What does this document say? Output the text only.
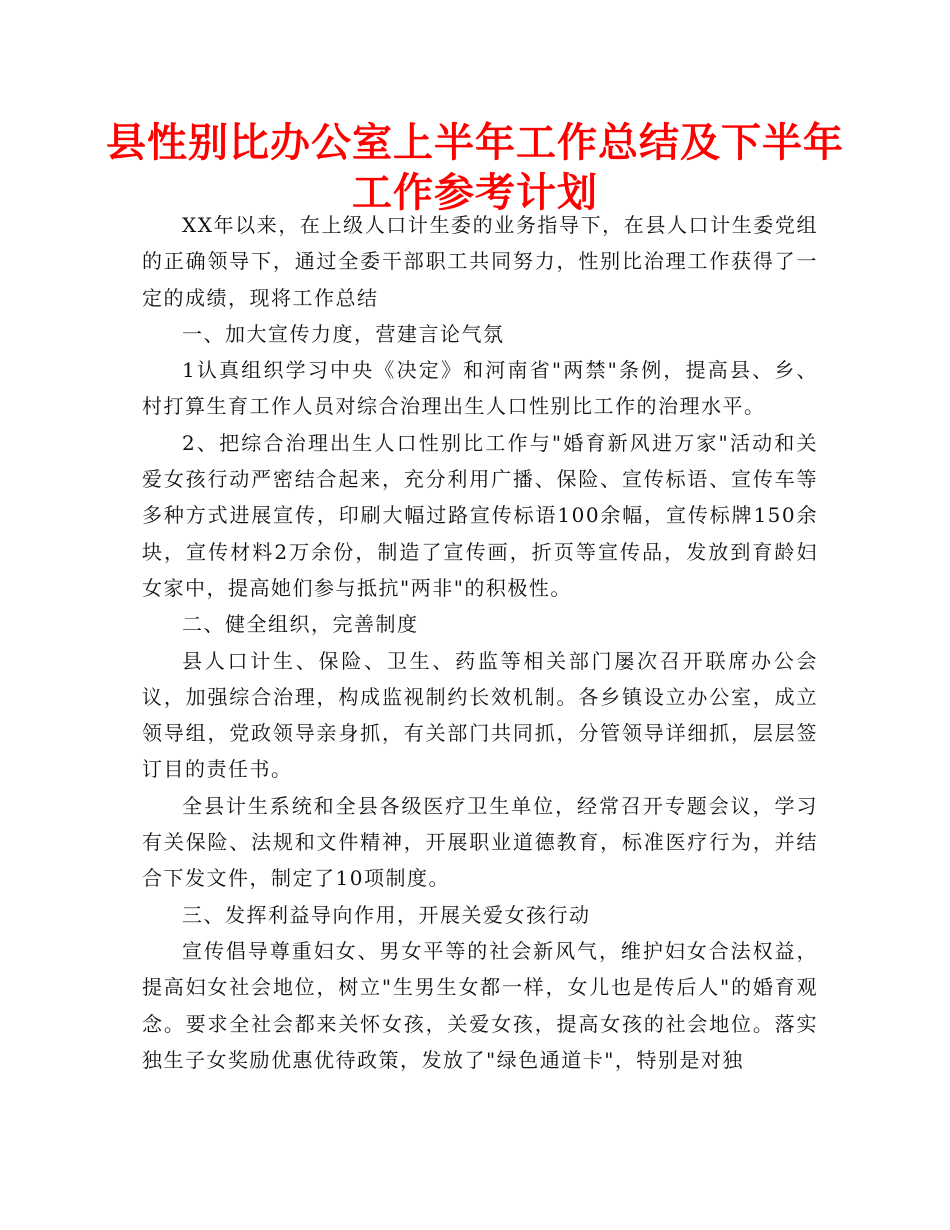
县性别比办公室上半年工作总结及下半年工作参考计划

XX年以来，在上级人口计生委的业务指导下，在县人口计生委党组的正确领导下，通过全委干部职工共同努力，性别比治理工作获得了一定的成绩，现将工作总结

一、加大宣传力度，营建言论气氛

1认真组织学习中央《决定》和河南省"两禁"条例，提高县、乡、村打算生育工作人员对综合治理出生人口性别比工作的治理水平。

2、把综合治理出生人口性别比工作与"婚育新风进万家"活动和关爱女孩行动严密结合起来，充分利用广播、保险、宣传标语、宣传车等多种方式进展宣传，印刷大幅过路宣传标语100余幅，宣传标牌150余块，宣传材料2万余份，制造了宣传画，折页等宣传品，发放到育龄妇女家中，提高她们参与抵抗"两非"的积极性。

二、健全组织，完善制度

县人口计生、保险、卫生、药监等相关部门屡次召开联席办公会议，加强综合治理，构成监视制约长效机制。各乡镇设立办公室，成立领导组，党政领导亲身抓，有关部门共同抓，分管领导详细抓，层层签订目的责任书。

全县计生系统和全县各级医疗卫生单位，经常召开专题会议，学习有关保险、法规和文件精神，开展职业道德教育，标准医疗行为，并结合下发文件，制定了10项制度。

三、发挥利益导向作用，开展关爱女孩行动

宣传倡导尊重妇女、男女平等的社会新风气，维护妇女合法权益，提高妇女社会地位，树立"生男生女都一样，女儿也是传后人"的婚育观念。要求全社会都来关怀女孩，关爱女孩，提高女孩的社会地位。落实独生子女奖励优惠优待政策，发放了"绿色通道卡"，特别是对独
